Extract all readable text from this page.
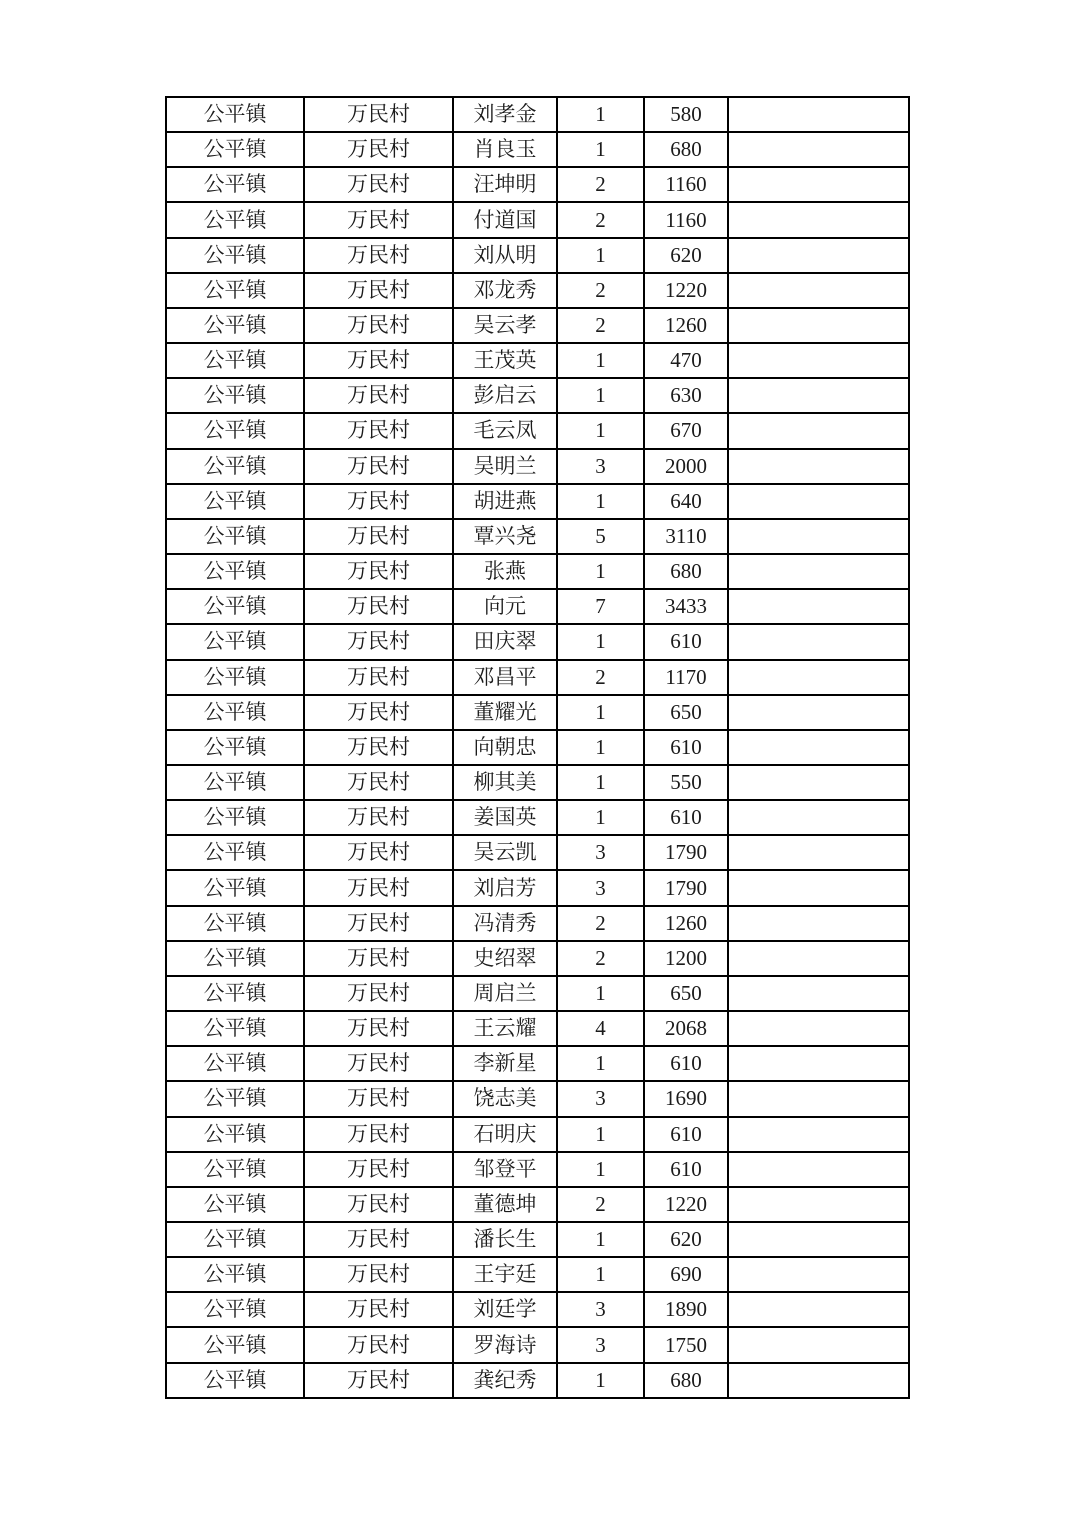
公平镇	万民村	刘孝金	1	580	
公平镇	万民村	肖良玉	1	680	
公平镇	万民村	汪坤明	2	1160	
公平镇	万民村	付道国	2	1160	
公平镇	万民村	刘从明	1	620	
公平镇	万民村	邓龙秀	2	1220	
公平镇	万民村	吴云孝	2	1260	
公平镇	万民村	王茂英	1	470	
公平镇	万民村	彭启云	1	630	
公平镇	万民村	毛云凤	1	670	
公平镇	万民村	吴明兰	3	2000	
公平镇	万民村	胡进燕	1	640	
公平镇	万民村	覃兴尧	5	3110	
公平镇	万民村	张燕	1	680	
公平镇	万民村	向元	7	3433	
公平镇	万民村	田庆翠	1	610	
公平镇	万民村	邓昌平	2	1170	
公平镇	万民村	董耀光	1	650	
公平镇	万民村	向朝忠	1	610	
公平镇	万民村	柳其美	1	550	
公平镇	万民村	姜国英	1	610	
公平镇	万民村	吴云凯	3	1790	
公平镇	万民村	刘启芳	3	1790	
公平镇	万民村	冯清秀	2	1260	
公平镇	万民村	史绍翠	2	1200	
公平镇	万民村	周启兰	1	650	
公平镇	万民村	王云耀	4	2068	
公平镇	万民村	李新星	1	610	
公平镇	万民村	饶志美	3	1690	
公平镇	万民村	石明庆	1	610	
公平镇	万民村	邹登平	1	610	
公平镇	万民村	董德坤	2	1220	
公平镇	万民村	潘长生	1	620	
公平镇	万民村	王宇廷	1	690	
公平镇	万民村	刘廷学	3	1890	
公平镇	万民村	罗海诗	3	1750	
公平镇	万民村	龚纪秀	1	680	
